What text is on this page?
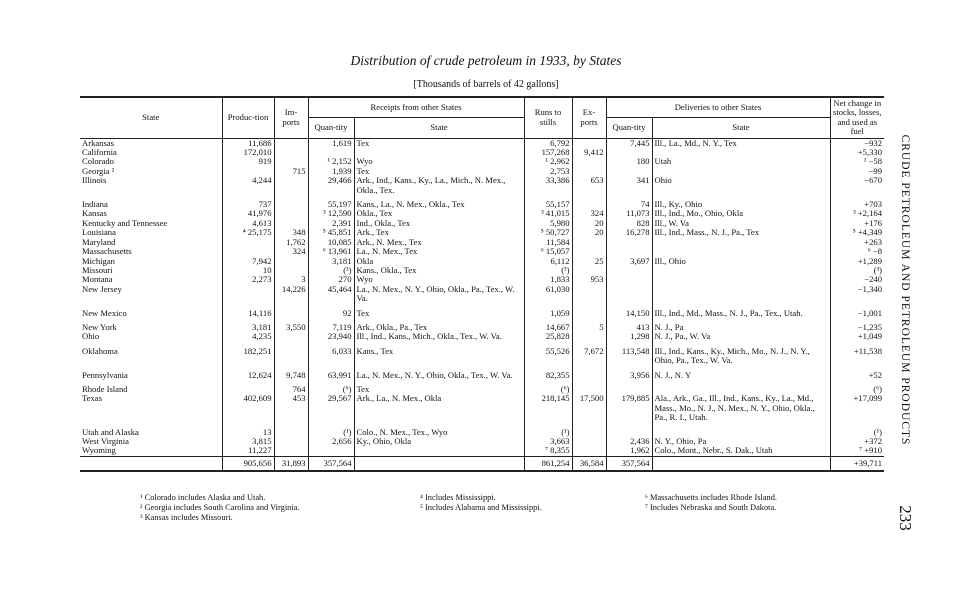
Distribution of crude petroleum in 1933, by States
[Thousands of barrels of 42 gallons]
State	Produc-tion	Im-ports	Receipts from other States		Runs to stills	Ex-ports	Deliveries to other States		Net change in stocks, losses, and used as fuel
			Quan-tity	State			Quan-tity	State	
Arkansas	11,686		1,619	Tex	6,792		7,445	Ill., La., Md., N. Y., Tex	−932
California	172,010				157,268	9,412			+5,330
Colorado	919		¹ 2,152	Wyo	¹ 2,962		180	Utah	¹ −58
Georgia ²		715	1,939	Tex	2,753				−99
Illinois	4,244		29,466	Ark., Ind., Kans., Ky., La., Mich., N. Mex., Okla., Tex.	33,386	653	341	Ohio	−670

Indiana	737		55,197	Kans., La., N. Mex., Okla., Tex	55,157		74	Ill., Ky., Ohio	+703
Kansas	41,976		³ 12,590	Okla., Tex	³ 41,015	324	11,073	Ill., Ind., Mo., Ohio, Okla	³ +2,164
Kentucky and Tennessee	4,613		2,391	Ind., Okla., Tex	5,980	20	828	Ill., W. Va	+176
Louisiana	⁴ 25,175	348	⁵ 45,851	Ark., Tex	⁵ 50,727	20	16,278	Ill., Ind., Mass., N. J., Pa., Tex	⁵ +4,349
Maryland		1,762	10,085	Ark., N. Mex., Tex	11,584				+263
Massachusetts		324	⁶ 13,961	La., N. Mex., Tex	⁶ 15,057				⁶ −8
Michigan	7,942		3,181	Okla	6,112	25	3,697	Ill., Ohio	+1,289
Missouri	10		(³)	Kans., Okla., Tex	(³)				(³)
Montana	2,273	3	270	Wyo	1,833	953			−240
New Jersey		14,226	45,464	La., N. Mex., N. Y., Ohio, Okla., Pa., Tex., W. Va.	61,030				−1,340

New Mexico	14,116		92	Tex	1,059		14,150	Ill., Ind., Md., Mass., N. J., Pa., Tex., Utah.	−1,001

New York	3,181	3,550	7,119	Ark., Okla., Pa., Tex	14,667	5	413	N. J., Pa	−1,235
Ohio	4,235		23,940	Ill., Ind., Kans., Mich., Okla., Tex., W. Va.	25,828		1,298	N. J., Pa., W. Va	+1,049

Oklahoma	182,251		6,033	Kans., Tex	55,526	7,672	113,548	Ill., Ind., Kans., Ky., Mich., Mo., N. J., N. Y., Ohio, Pa., Tex., W. Va.	+11,538

Pennsylvania	12,624	9,748	63,991	La., N. Mex., N. Y., Ohio, Okla., Tex., W. Va.	82,355		3,956	N. J., N. Y	+52

Rhode Island		764	(⁶)	Tex	(⁶)				(⁶)
Texas	402,609	453	29,567	Ark., La., N. Mex., Okla	218,145	17,500	179,885	Ala., Ark., Ga., Ill., Ind., Kans., Ky., La., Md., Mass., Mo., N. J., N. Mex., N. Y., Ohio, Okla., Pa., R. I., Utah.	+17,099

Utah and Alaska	13		(¹)	Colo., N. Mex., Tex., Wyo	(¹)				(¹)
West Virginia	3,815		2,656	Ky., Ohio, Okla	3,663		2,436	N. Y., Ohio, Pa	+372
Wyoming	11,227				⁷ 8,355		1,962	Colo., Mont., Nebr., S. Dak., Utah	⁷ +910
	905,656	31,893	357,564		861,254	36,584	357,564		+39,711
¹ Colorado includes Alaska and Utah.
² Georgia includes South Carolina and Virginia.
³ Kansas includes Missouri.
⁴ Includes Mississippi.
⁵ Includes Alabama and Mississippi.
⁶ Massachusetts includes Rhode Island.
⁷ Includes Nebraska and South Dakota.
CRUDE PETROLEUM AND PETROLEUM PRODUCTS
233
